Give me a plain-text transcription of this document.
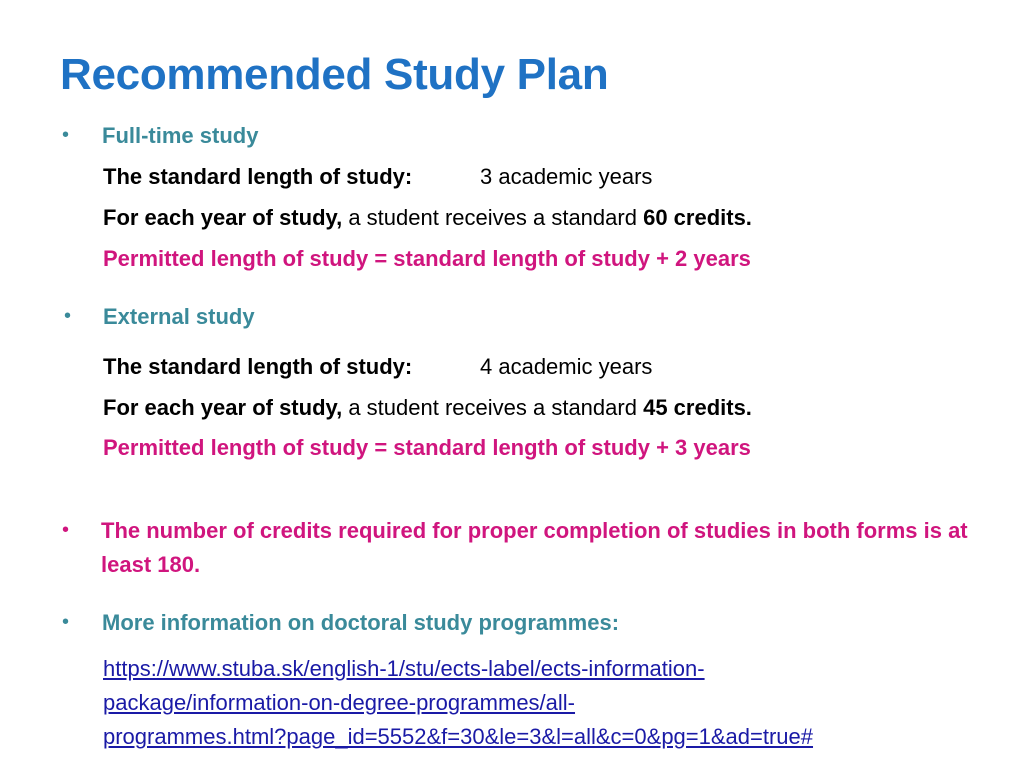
Recommended Study Plan
• Full-time study
The standard length of study:	3 academic years
For each year of study, a student receives a standard 60 credits.
Permitted length of study = standard length of study + 2 years
• External study
The standard length of study:	4 academic years
For each year of study, a student receives a standard 45 credits.
Permitted length of study = standard length of study + 3 years
• The number of credits required for proper completion of studies in both forms is at least 180.
• More information on doctoral study programmes:
https://www.stuba.sk/english-1/stu/ects-label/ects-information-
package/information-on-degree-programmes/all-
programmes.html?page_id=5552&f=30&le=3&l=all&c=0&pg=1&ad=true#
